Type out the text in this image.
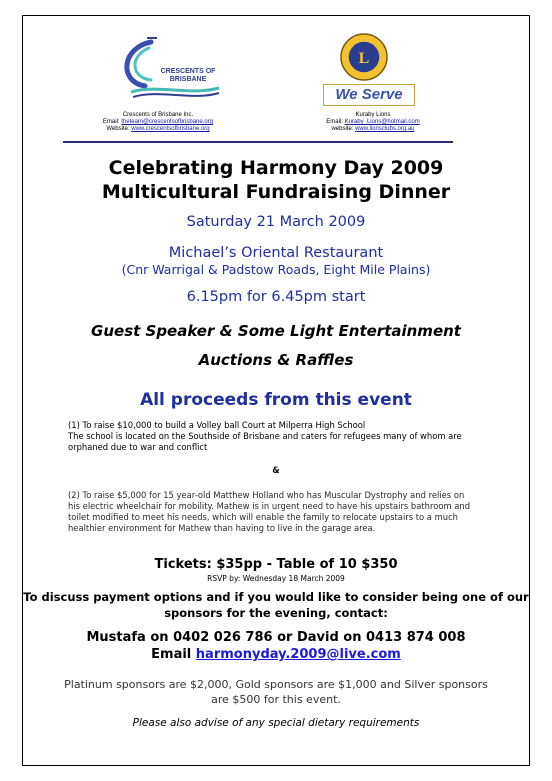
CRESCENTS OF BRISBANE
L
We Serve
Crescents of Brisbane Inc.
Email: theteam@crescentsofbrisbane.org
Website: www.crescentsofbrisbane.org
Kuraby Lions
Email: Kuraby_Lions@hotmail.com
website: www.lionsclubs.org.au
Celebrating Harmony Day 2009
Multicultural Fundraising Dinner
Saturday 21 March 2009
Michael’s Oriental Restaurant
(Cnr Warrigal & Padstow Roads, Eight Mile Plains)
6.15pm for 6.45pm start
Guest Speaker & Some Light Entertainment
Auctions & Raffles
All proceeds from this event
(1) To raise $10,000 to build a Volley ball Court at Milperra High School
The school is located on the Southside of Brisbane and caters for refugees many of whom are orphaned due to war and conflict
&
(2) To raise $5,000 for 15 year-old Matthew Holland who has Muscular Dystrophy and relies on his electric wheelchair for mobility. Mathew is in urgent need to have his upstairs bathroom and toilet modified to meet his needs, which will enable the family to relocate upstairs to a much healthier environment for Mathew than having to live in the garage area.
Tickets: $35pp - Table of 10 $350
RSVP by: Wednesday 18 March 2009
To discuss payment options and if you would like to consider being one of our sponsors for the evening, contact:
Mustafa on 0402 026 786 or David on 0413 874 008
Email harmonyday.2009@live.com
Platinum sponsors are $2,000, Gold sponsors are $1,000 and Silver sponsors are $500 for this event.
Please also advise of any special dietary requirements
